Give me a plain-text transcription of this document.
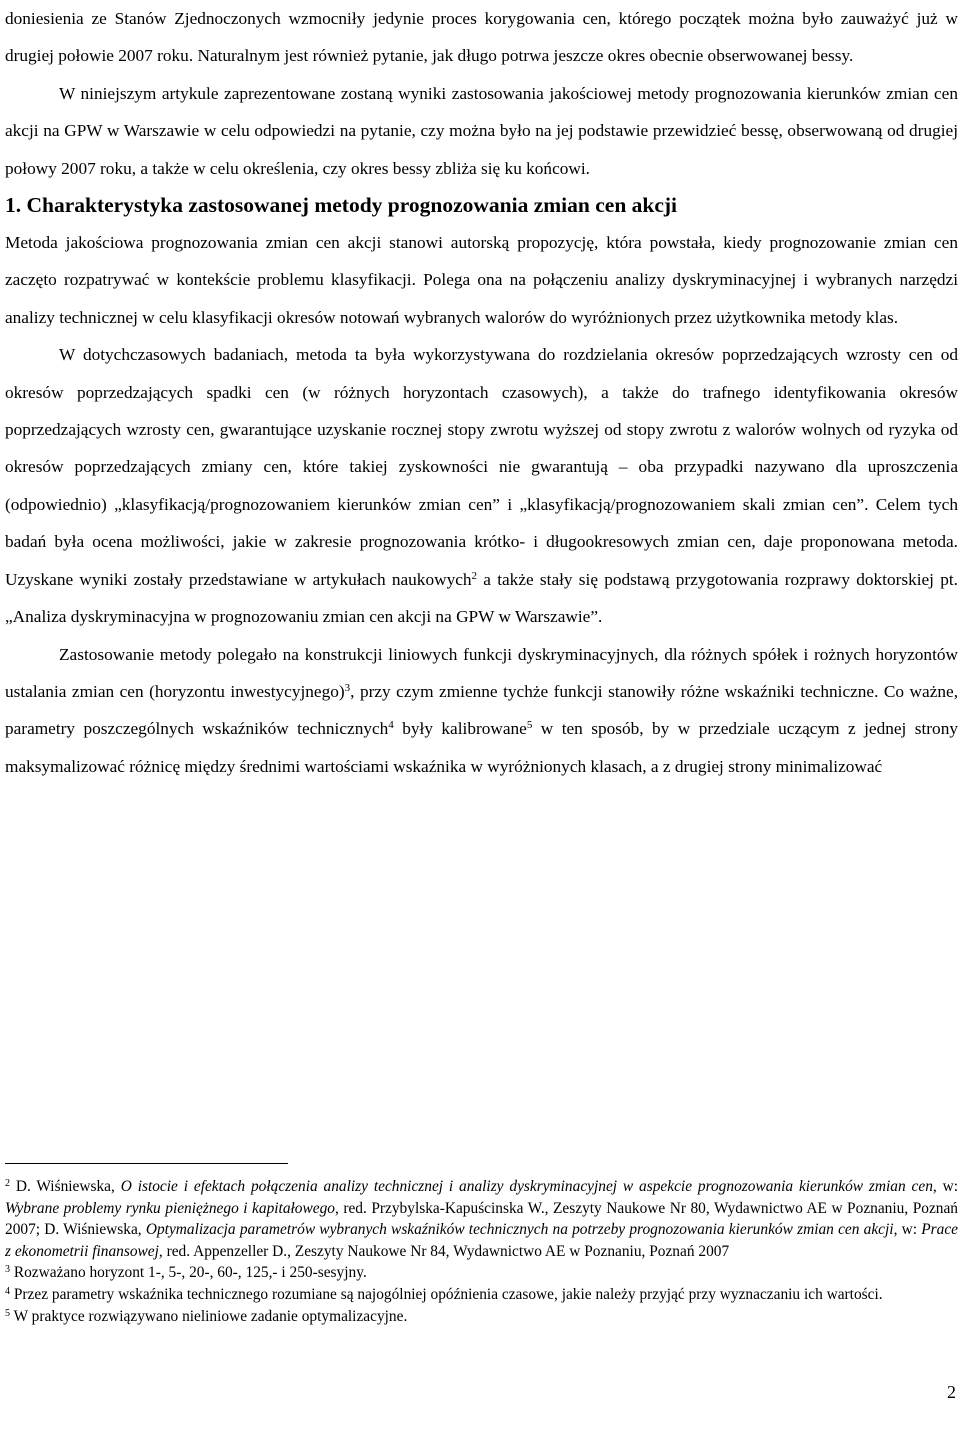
doniesienia ze Stanów Zjednoczonych wzmocniły jedynie proces korygowania cen, którego początek można było zauważyć już w drugiej połowie 2007 roku. Naturalnym jest również pytanie, jak długo potrwa jeszcze okres obecnie obserwowanej bessy.

W niniejszym artykule zaprezentowane zostaną wyniki zastosowania jakościowej metody prognozowania kierunków zmian cen akcji na GPW w Warszawie w celu odpowiedzi na pytanie, czy można było na jej podstawie przewidzieć bessę, obserwowaną od drugiej połowy 2007 roku, a także w celu określenia, czy okres bessy zbliża się ku końcowi.

1. Charakterystyka zastosowanej metody prognozowania zmian cen akcji

Metoda jakościowa prognozowania zmian cen akcji stanowi autorską propozycję, która powstała, kiedy prognozowanie zmian cen zaczęto rozpatrywać w kontekście problemu klasyfikacji. Polega ona na połączeniu analizy dyskryminacyjnej i wybranych narzędzi analizy technicznej w celu klasyfikacji okresów notowań wybranych walorów do wyróżnionych przez użytkownika metody klas.

W dotychczasowych badaniach, metoda ta była wykorzystywana do rozdzielania okresów poprzedzających wzrosty cen od okresów poprzedzających spadki cen (w różnych horyzontach czasowych), a także do trafnego identyfikowania okresów poprzedzających wzrosty cen, gwarantujące uzyskanie rocznej stopy zwrotu wyższej od stopy zwrotu z walorów wolnych od ryzyka od okresów poprzedzających zmiany cen, które takiej zyskowności nie gwarantują – oba przypadki nazywano dla uproszczenia (odpowiednio) „klasyfikacją/prognozowaniem kierunków zmian cen” i „klasyfikacją/prognozowaniem skali zmian cen”. Celem tych badań była ocena możliwości, jakie w zakresie prognozowania krótko- i długookresowych zmian cen, daje proponowana metoda. Uzyskane wyniki zostały przedstawiane w artykułach naukowych$^2$ a także stały się podstawą przygotowania rozprawy doktorskiej pt. „Analiza dyskryminacyjna w prognozowaniu zmian cen akcji na GPW w Warszawie”.

Zastosowanie metody polegało na konstrukcji liniowych funkcji dyskryminacyjnych, dla różnych spółek i rożnych horyzontów ustalania zmian cen (horyzontu inwestycyjnego)$^3$, przy czym zmienne tychże funkcji stanowiły różne wskaźniki techniczne. Co ważne, parametry poszczególnych wskaźników technicznych$^4$ były kalibrowane$^5$ w ten sposób, by w przedziale uczącym z jednej strony maksymalizować różnicę między średnimi wartościami wskaźnika w wyróżnionych klasach, a z drugiej strony minimalizować

$^2$ D. Wiśniewska, O istocie i efektach połączenia analizy technicznej i analizy dyskryminacyjnej w aspekcie prognozowania kierunków zmian cen, w: Wybrane problemy rynku pieniężnego i kapitałowego, red. Przybylska-Kapuścinska W., Zeszyty Naukowe Nr 80, Wydawnictwo AE w Poznaniu, Poznań 2007; D. Wiśniewska, Optymalizacja parametrów wybranych wskaźników technicznych na potrzeby prognozowania kierunków zmian cen akcji, w: Prace z ekonometrii finansowej, red. Appenzeller D., Zeszyty Naukowe Nr 84, Wydawnictwo AE w Poznaniu, Poznań 2007

$^3$ Rozważano horyzont 1-, 5-, 20-, 60-, 125,- i 250-sesyjny.

$^4$ Przez parametry wskaźnika technicznego rozumiane są najogólniej opóźnienia czasowe, jakie należy przyjąć przy wyznaczaniu ich wartości.

$^5$ W praktyce rozwiązywano nieliniowe zadanie optymalizacyjne.

2
